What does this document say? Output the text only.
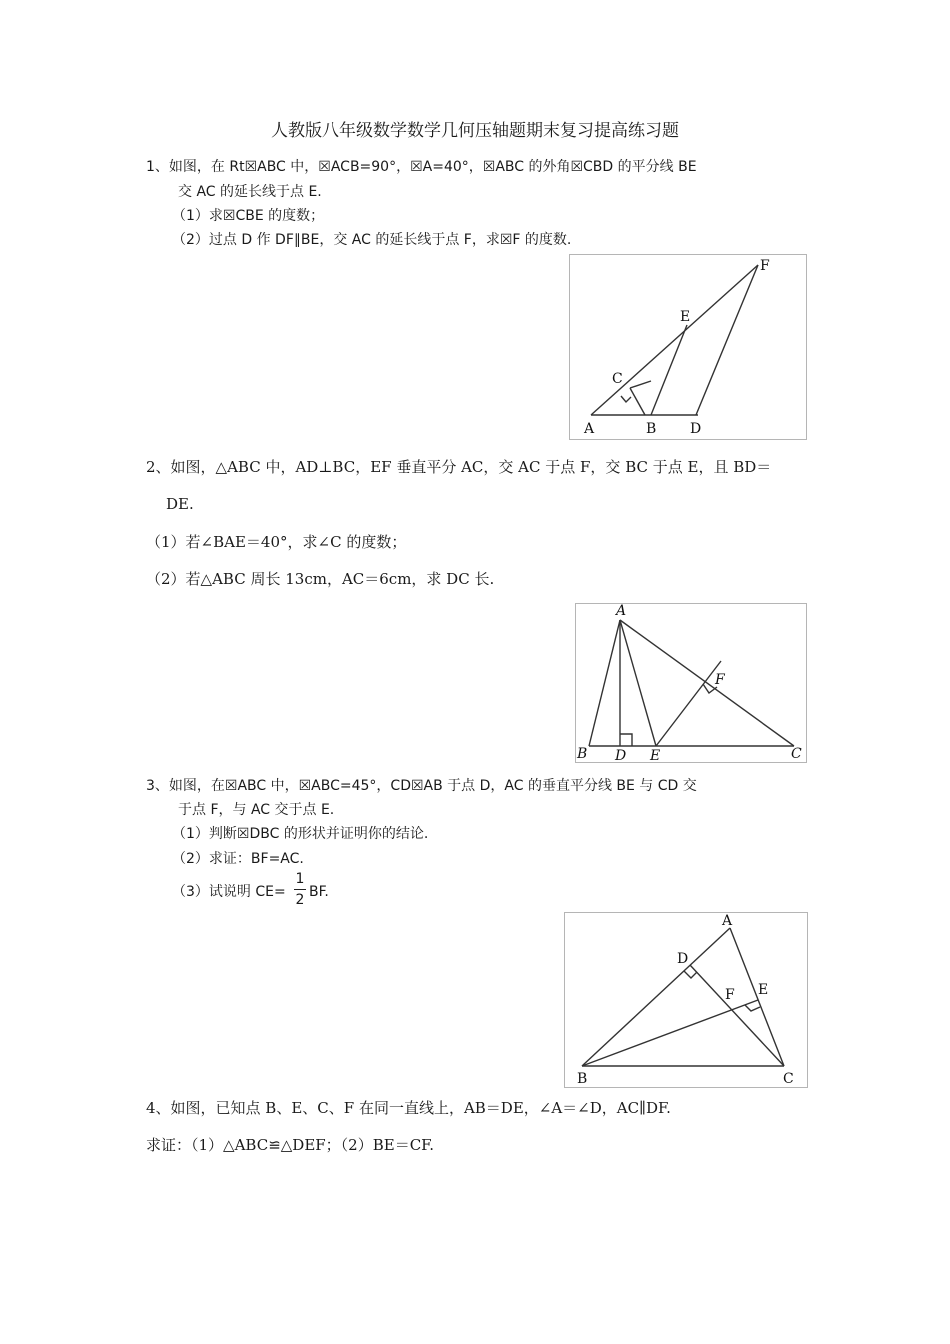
人教版八年级数学数学几何压轴题期末复习提高练习题
1、如图，在 Rt☒ABC 中，☒ACB=90°，☒A=40°，☒ABC 的外角☒CBD 的平分线 BE
交 AC 的延长线于点 E.
（1）求☒CBE 的度数；
（2）过点 D 作 DF∥BE，交 AC 的延长线于点 F，求☒F 的度数.
A	B
C
D
E
F
2、如图，△ABC 中，AD⊥BC，EF 垂直平分 AC，交 AC 于点 F，交 BC 于点 E，且 BD＝
DE.
（1）若∠BAE＝40°，求∠C 的度数；
（2）若△ABC 周长 13cm，AC＝6cm，求 DC 长.
A
B	C
D E
F
3、如图，在☒ABC 中，☒ABC=45°，CD☒AB 于点 D，AC 的垂直平分线 BE 与 CD 交
于点 F，与 AC 交于点 E.
（1）判断☒DBC 的形状并证明你的结论.
（2）求证：BF=AC.
（3）试说明 CE=
1
2 BF.
A
B	C
D
E
F
4、如图，已知点 B、E、C、F 在同一直线上，AB＝DE，∠A＝∠D，AC∥DF.
求证：（1）△ABC≌△DEF；（2）BE＝CF.
